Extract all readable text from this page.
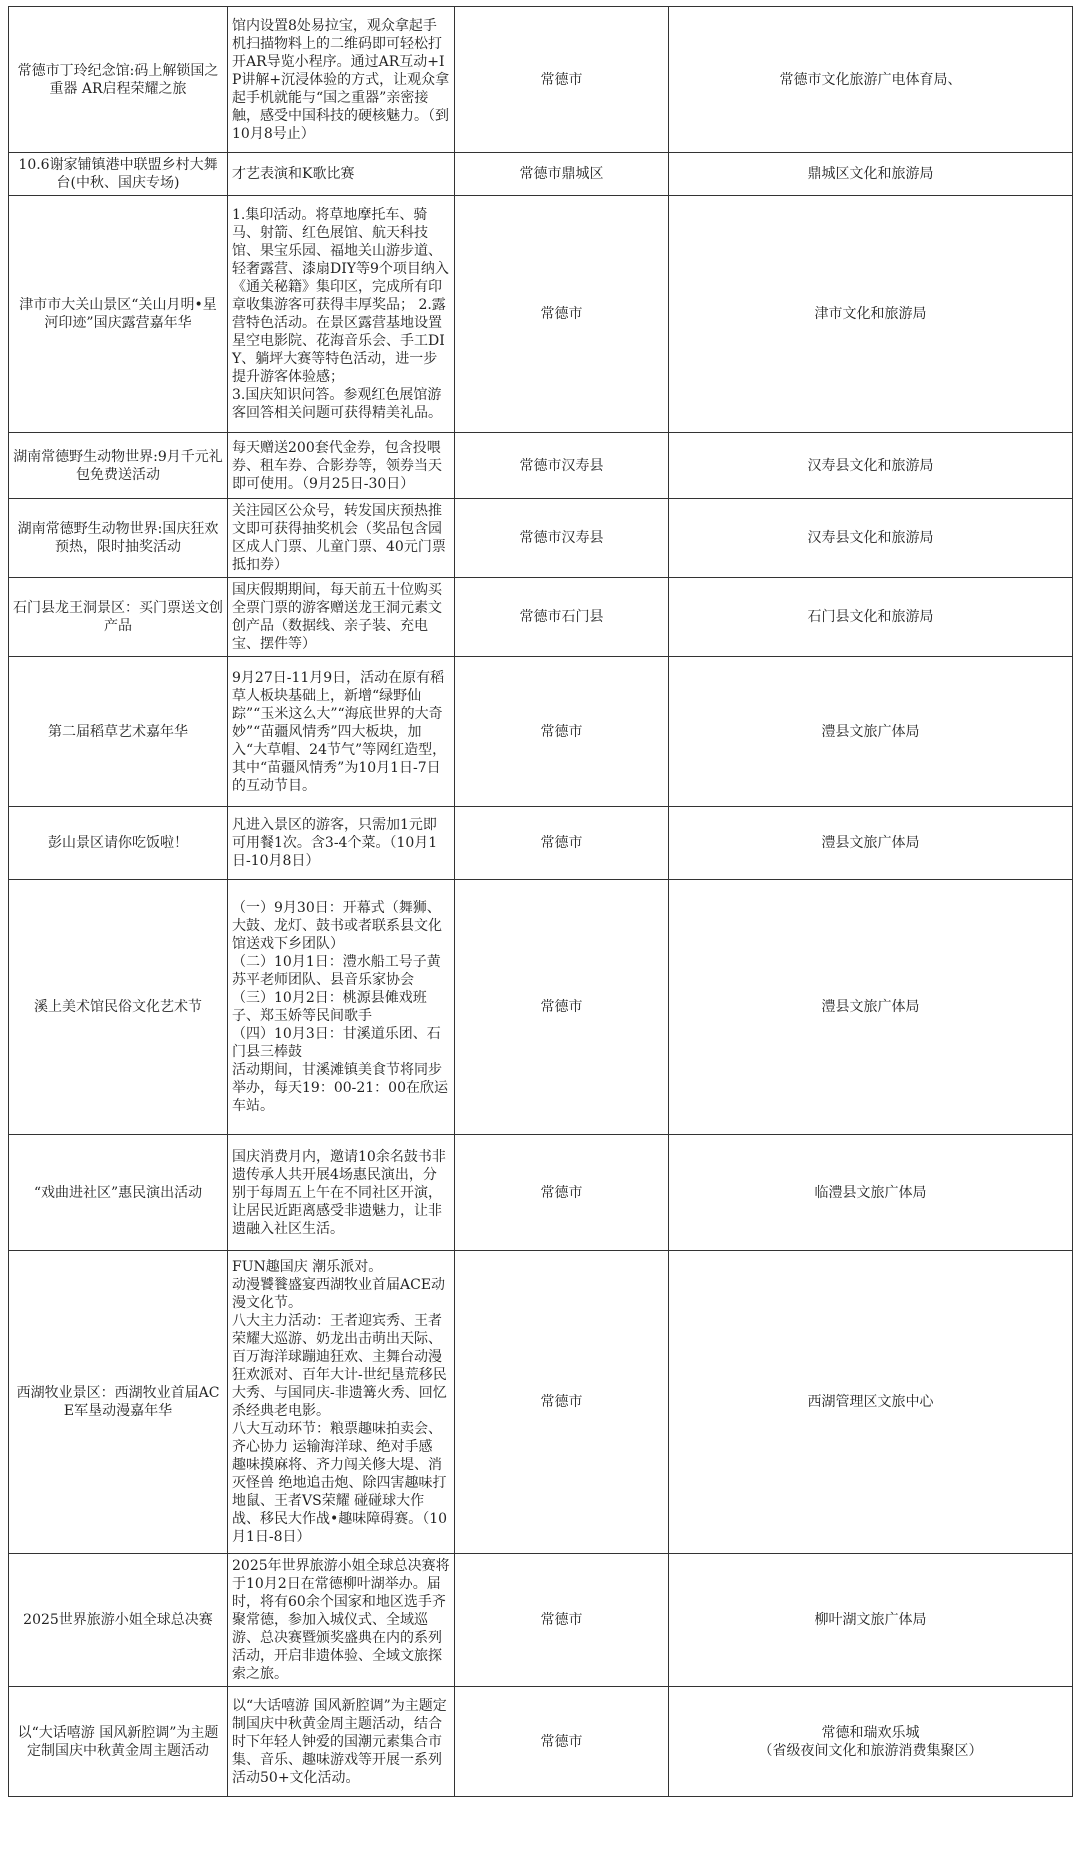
常德市丁玲纪念馆:码上解锁国之重器 AR启程荣耀之旅	馆内设置8处易拉宝，观众拿起手机扫描物料上的二维码即可轻松打开AR导览小程序。通过AR互动+IP讲解+沉浸体验的方式，让观众拿起手机就能与“国之重器”亲密接触，感受中国科技的硬核魅力。（到10月8号止）	常德市	常德市文化旅游广电体育局、
10.6谢家铺镇港中联盟乡村大舞台(中秋、国庆专场)	才艺表演和K歌比赛	常德市鼎城区	鼎城区文化和旅游局
津市市大关山景区“关山月明•星河印迹”国庆露营嘉年华	1.集印活动。将草地摩托车、骑马、射箭、红色展馆、航天科技馆、果宝乐园、福地关山游步道、轻奢露营、漆扇DIY等9个项目纳入《通关秘籍》集印区，完成所有印章收集游客可获得丰厚奖品； 2.露营特色活动。在景区露营基地设置星空电影院、花海音乐会、手工DIY、躺坪大赛等特色活动，进一步提升游客体验感；
3.国庆知识问答。参观红色展馆游客回答相关问题可获得精美礼品。	常德市	津市文化和旅游局
湖南常德野生动物世界:9月千元礼包免费送活动	每天赠送200套代金券，包含投喂券、租车券、合影券等，领券当天即可使用。（9月25日-30日）	常德市汉寿县	汉寿县文化和旅游局
湖南常德野生动物世界:国庆狂欢预热，限时抽奖活动	关注园区公众号，转发国庆预热推文即可获得抽奖机会（奖品包含园区成人门票、儿童门票、40元门票抵扣券）	常德市汉寿县	汉寿县文化和旅游局
石门县龙王洞景区：买门票送文创产品	国庆假期期间，每天前五十位购买全票门票的游客赠送龙王洞元素文创产品（数据线、亲子装、充电宝、摆件等）	常德市石门县	石门县文化和旅游局
第二届稻草艺术嘉年华	9月27日-11月9日，活动在原有稻草人板块基础上，新增“绿野仙踪”“玉米这么大”“海底世界的大奇妙”“苗疆风情秀”四大板块，加入“大草帽、24节气”等网红造型，其中“苗疆风情秀”为10月1日-7日的互动节目。	常德市	澧县文旅广体局
彭山景区请你吃饭啦！	凡进入景区的游客，只需加1元即可用餐1次。含3-4个菜。（10月1日-10月8日）	常德市	澧县文旅广体局
溪上美术馆民俗文化艺术节	（一）9月30日：开幕式（舞狮、大鼓、龙灯、鼓书或者联系县文化馆送戏下乡团队）
（二）10月1日：澧水船工号子黄苏平老师团队、县音乐家协会
（三）10月2日：桃源县傩戏班子、郑玉娇等民间歌手
（四）10月3日：甘溪道乐团、石门县三棒鼓
活动期间，甘溪滩镇美食节将同步举办，每天19：00-21：00在欣运车站。	常德市	澧县文旅广体局
“戏曲进社区”惠民演出活动	国庆消费月内，邀请10余名鼓书非遗传承人共开展4场惠民演出，分别于每周五上午在不同社区开演，让居民近距离感受非遗魅力，让非遗融入社区生活。	常德市	临澧县文旅广体局
西湖牧业景区：西湖牧业首届ACE军垦动漫嘉年华	FUN趣国庆 潮乐派对。
动漫饕餮盛宴西湖牧业首届ACE动漫文化节。
八大主力活动：王者迎宾秀、王者荣耀大巡游、奶龙出击萌出天际、百万海洋球蹦迪狂欢、主舞台动漫狂欢派对、百年大计-世纪垦荒移民大秀、与国同庆-非遗篝火秀、回忆杀经典老电影。
八大互动环节：粮票趣味拍卖会、齐心协力 运输海洋球、绝对手感 趣味摸麻将、齐力闯关修大堤、消灭怪兽 绝地追击炮、除四害趣味打地鼠、王者VS荣耀 碰碰球大作战、移民大作战•趣味障碍赛。（10月1日-8日）	常德市	西湖管理区文旅中心
2025世界旅游小姐全球总决赛	2025年世界旅游小姐全球总决赛将于10月2日在常德柳叶湖举办。届时，将有60余个国家和地区选手齐聚常德，参加入城仪式、全域巡游、总决赛暨颁奖盛典在内的系列活动，开启非遗体验、全域文旅探索之旅。	常德市	柳叶湖文旅广体局
以“大话嘻游 国风新腔调”为主题定制国庆中秋黄金周主题活动	以“大话嘻游 国风新腔调”为主题定制国庆中秋黄金周主题活动，结合时下年轻人钟爱的国潮元素集合市集、音乐、趣味游戏等开展一系列活动50+文化活动。	常德市	常德和瑞欢乐城
（省级夜间文化和旅游消费集聚区）
